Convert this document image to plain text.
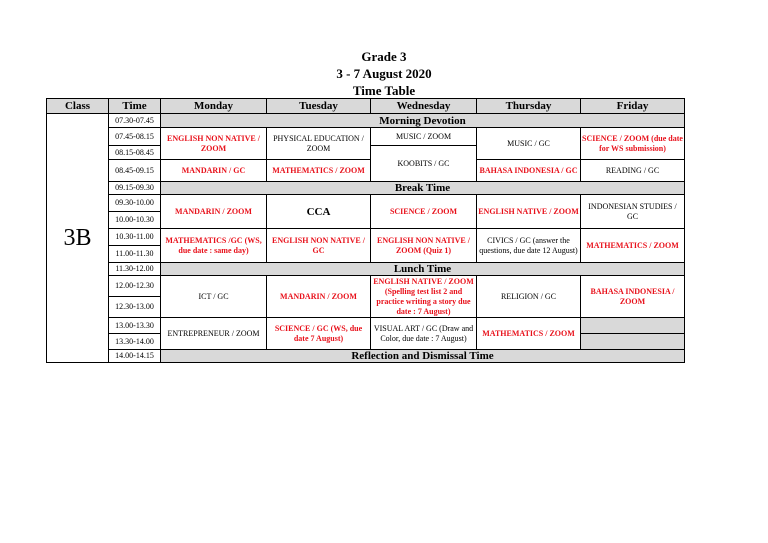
Grade 3
3 - 7 August 2020
Time Table
Class	Time	Monday	Tuesday	Wednesday	Thursday	Friday
3B	07.30-07.45	Morning Devotion				
	07.45-08.15	ENGLISH NON NATIVE / ZOOM	PHYSICAL EDUCATION / ZOOM	MUSIC / ZOOM	MUSIC / GC	SCIENCE / ZOOM (due date for WS submission)
	08.15-08.45			KOOBITS / GC		
	08.45-09.15	MANDARIN / GC	MATHEMATICS / ZOOM		BAHASA INDONESIA / GC	READING / GC
	09.15-09.30	Break Time				
	09.30-10.00	MANDARIN / ZOOM	CCA	SCIENCE / ZOOM	ENGLISH NATIVE / ZOOM	INDONESIAN STUDIES / GC
	10.00-10.30					
	10.30-11.00	MATHEMATICS /GC (WS, due date : same day)	ENGLISH NON NATIVE / GC	ENGLISH NON NATIVE / ZOOM (Quiz 1)	CIVICS / GC (answer the questions, due date 12 August)	MATHEMATICS / ZOOM
	11.00-11.30					
	11.30-12.00	Lunch Time				
	12.00-12.30	ICT / GC	MANDARIN / ZOOM	ENGLISH NATIVE / ZOOM (Spelling test list 2 and practice writing a story due date : 7 August)	RELIGION / GC	BAHASA INDONESIA / ZOOM
	12.30-13.00					
	13.00-13.30	ENTREPRENEUR / ZOOM	SCIENCE / GC (WS, due date 7 August)	VISUAL ART / GC (Draw and Color, due date : 7 August)	MATHEMATICS / ZOOM	
	13.30-14.00					
	14.00-14.15	Reflection and Dismissal Time				
